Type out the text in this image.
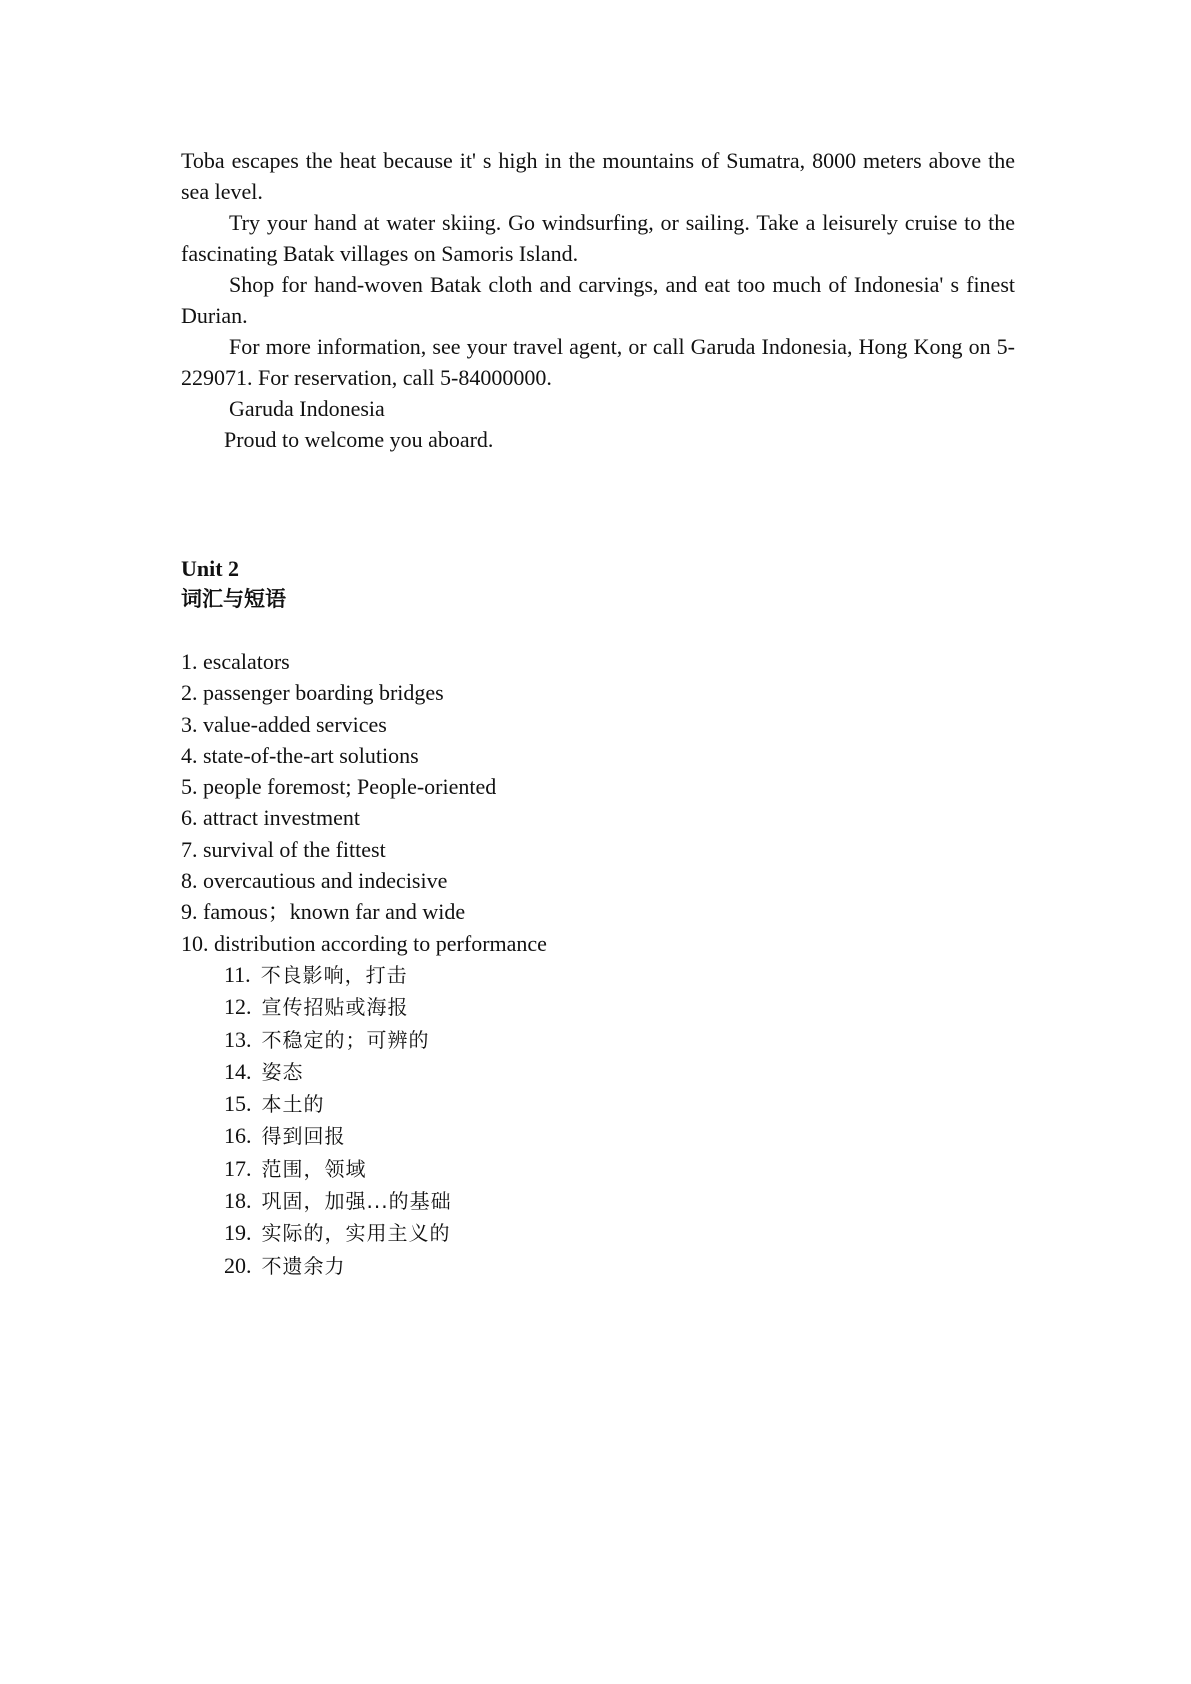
Toba escapes the heat because it' s high in the mountains of Sumatra, 8000 meters above the sea level.

Try your hand at water skiing. Go windsurfing, or sailing. Take a leisurely cruise to the fascinating Batak villages on Samoris Island.

Shop for hand-woven Batak cloth and carvings, and eat too much of Indonesia' s finest Durian.

For more information, see your travel agent, or call Garuda Indonesia, Hong Kong on 5-229071. For reservation, call 5-84000000.

Garuda Indonesia

Proud to welcome you aboard.

Unit 2

词汇与短语

1. escalators
2. passenger boarding bridges
3. value-added services
4. state-of-the-art solutions
5. people foremost; People-oriented
6. attract investment
7. survival of the fittest
8. overcautious and indecisive
9. famous；known far and wide
10. distribution according to performance
11. 不良影响，打击
12. 宣传招贴或海报
13. 不稳定的；可辨的
14. 姿态
15. 本土的
16. 得到回报
17. 范围，领域
18. 巩固，加强...的基础
19. 实际的，实用主义的
20. 不遗余力
